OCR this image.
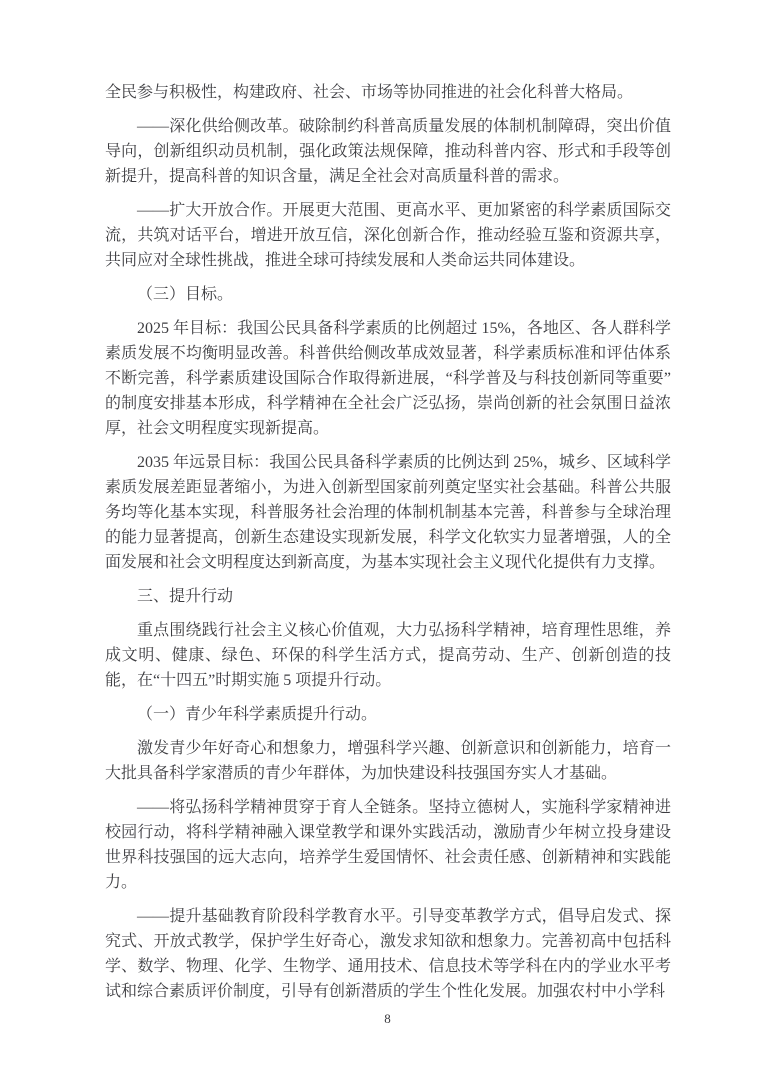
全民参与积极性，构建政府、社会、市场等协同推进的社会化科普大格局。

——深化供给侧改革。破除制约科普高质量发展的体制机制障碍，突出价值导向，创新组织动员机制，强化政策法规保障，推动科普内容、形式和手段等创新提升，提高科普的知识含量，满足全社会对高质量科普的需求。

——扩大开放合作。开展更大范围、更高水平、更加紧密的科学素质国际交流，共筑对话平台，增进开放互信，深化创新合作，推动经验互鉴和资源共享，共同应对全球性挑战，推进全球可持续发展和人类命运共同体建设。

（三）目标。

2025 年目标：我国公民具备科学素质的比例超过 15%，各地区、各人群科学素质发展不均衡明显改善。科普供给侧改革成效显著，科学素质标准和评估体系不断完善，科学素质建设国际合作取得新进展，“科学普及与科技创新同等重要”的制度安排基本形成，科学精神在全社会广泛弘扬，崇尚创新的社会氛围日益浓厚，社会文明程度实现新提高。

2035 年远景目标：我国公民具备科学素质的比例达到 25%，城乡、区域科学素质发展差距显著缩小，为进入创新型国家前列奠定坚实社会基础。科普公共服务均等化基本实现，科普服务社会治理的体制机制基本完善，科普参与全球治理的能力显著提高，创新生态建设实现新发展，科学文化软实力显著增强，人的全面发展和社会文明程度达到新高度，为基本实现社会主义现代化提供有力支撑。

三、提升行动

重点围绕践行社会主义核心价值观，大力弘扬科学精神，培育理性思维，养成文明、健康、绿色、环保的科学生活方式，提高劳动、生产、创新创造的技能，在“十四五”时期实施 5 项提升行动。

（一）青少年科学素质提升行动。

激发青少年好奇心和想象力，增强科学兴趣、创新意识和创新能力，培育一大批具备科学家潜质的青少年群体，为加快建设科技强国夯实人才基础。

——将弘扬科学精神贯穿于育人全链条。坚持立德树人，实施科学家精神进校园行动，将科学精神融入课堂教学和课外实践活动，激励青少年树立投身建设世界科技强国的远大志向，培养学生爱国情怀、社会责任感、创新精神和实践能力。

——提升基础教育阶段科学教育水平。引导变革教学方式，倡导启发式、探究式、开放式教学，保护学生好奇心，激发求知欲和想象力。完善初高中包括科学、数学、物理、化学、生物学、通用技术、信息技术等学科在内的学业水平考试和综合素质评价制度，引导有创新潜质的学生个性化发展。加强农村中小学科

8
